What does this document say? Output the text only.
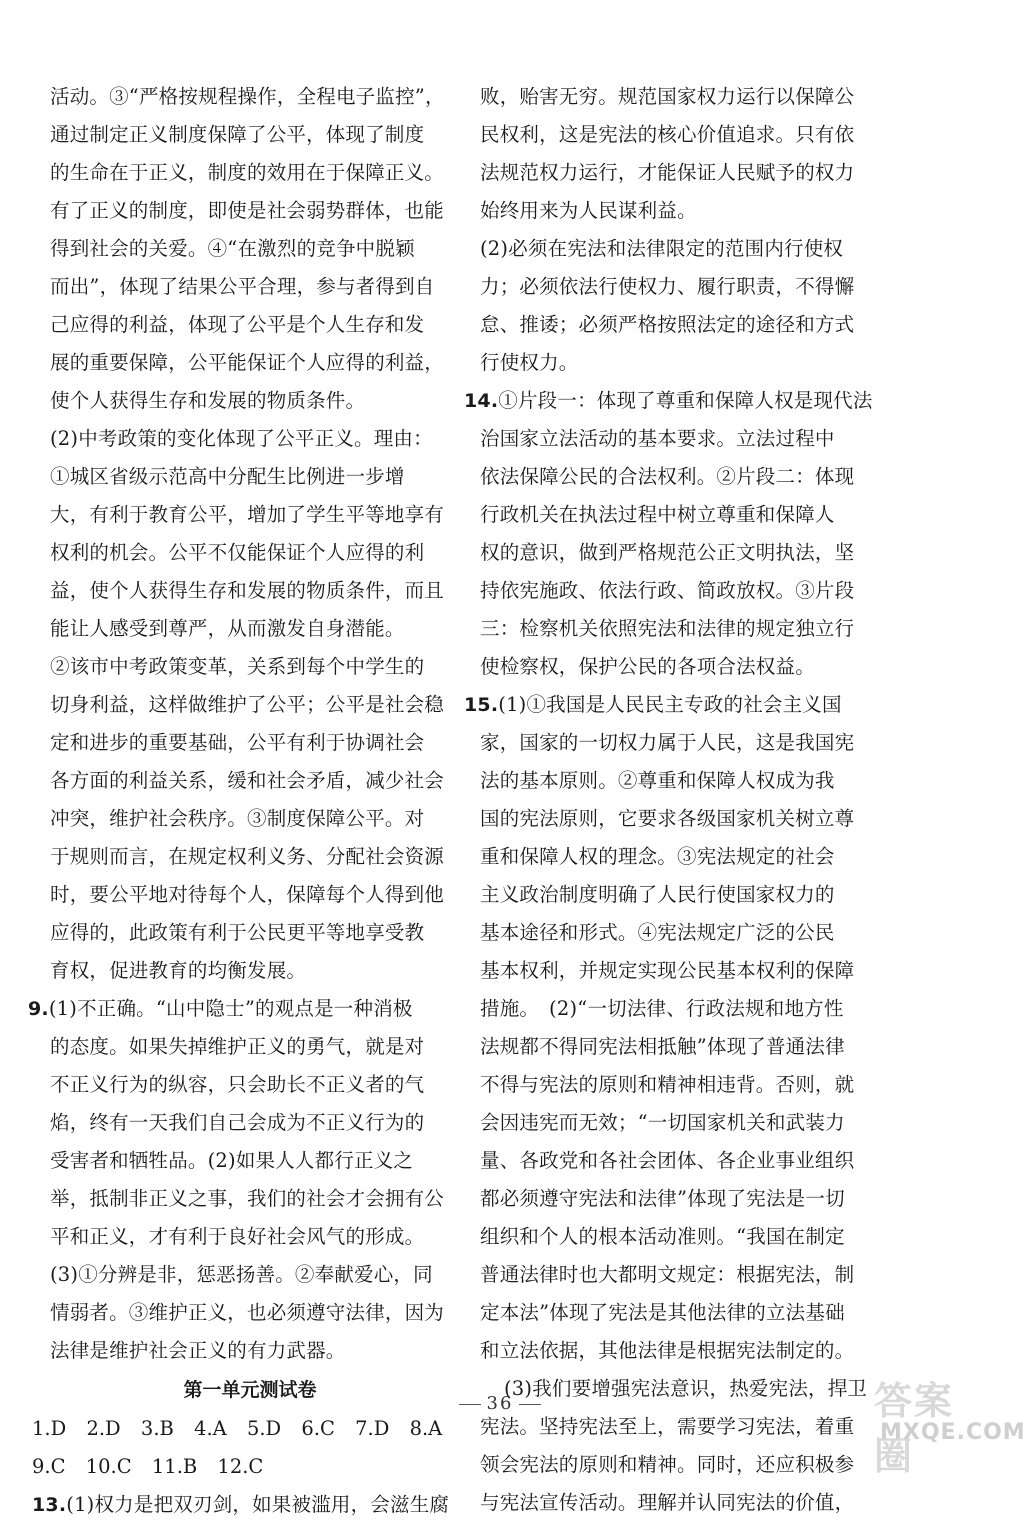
活动。③“严格按规程操作，全程电子监控”，
通过制定正义制度保障了公平，体现了制度
的生命在于正义，制度的效用在于保障正义。
有了正义的制度，即使是社会弱势群体，也能
得到社会的关爱。④“在激烈的竞争中脱颖
而出”，体现了结果公平合理，参与者得到自
己应得的利益，体现了公平是个人生存和发
展的重要保障，公平能保证个人应得的利益，
使个人获得生存和发展的物质条件。
(2)中考政策的变化体现了公平正义。理由：
①城区省级示范高中分配生比例进一步增
大，有利于教育公平，增加了学生平等地享有
权利的机会。公平不仅能保证个人应得的利
益，使个人获得生存和发展的物质条件，而且
能让人感受到尊严，从而激发自身潜能。
②该市中考政策变革，关系到每个中学生的
切身利益，这样做维护了公平；公平是社会稳
定和进步的重要基础，公平有利于协调社会
各方面的利益关系，缓和社会矛盾，减少社会
冲突，维护社会秩序。③制度保障公平。对
于规则而言，在规定权利义务、分配社会资源
时，要公平地对待每个人，保障每个人得到他
应得的，此政策有利于公民更平等地享受教
育权，促进教育的均衡发展。
9.(1)不正确。“山中隐士”的观点是一种消极
的态度。如果失掉维护正义的勇气，就是对
不正义行为的纵容，只会助长不正义者的气
焰，终有一天我们自己会成为不正义行为的
受害者和牺牲品。(2)如果人人都行正义之
举，抵制非正义之事，我们的社会才会拥有公
平和正义，才有利于良好社会风气的形成。
(3)①分辨是非，惩恶扬善。②奉献爱心，同
情弱者。③维护正义，也必须遵守法律，因为
法律是维护社会正义的有力武器。
第一单元测试卷
1.D 2.D 3.B 4.A 5.D 6.C 7.D 8.A
9.C 10.C 11.B 12.C
13.(1)权力是把双刃剑，如果被滥用，会滋生腐
败，贻害无穷。规范国家权力运行以保障公
民权利，这是宪法的核心价值追求。只有依
法规范权力运行，才能保证人民赋予的权力
始终用来为人民谋利益。
(2)必须在宪法和法律限定的范围内行使权
力；必须依法行使权力、履行职责，不得懈
怠、推诿；必须严格按照法定的途径和方式
行使权力。
14.①片段一：体现了尊重和保障人权是现代法
治国家立法活动的基本要求。立法过程中
依法保障公民的合法权利。②片段二：体现
行政机关在执法过程中树立尊重和保障人
权的意识，做到严格规范公正文明执法，坚
持依宪施政、依法行政、简政放权。③片段
三：检察机关依照宪法和法律的规定独立行
使检察权，保护公民的各项合法权益。
15.(1)①我国是人民民主专政的社会主义国
家，国家的一切权力属于人民，这是我国宪
法的基本原则。②尊重和保障人权成为我
国的宪法原则，它要求各级国家机关树立尊
重和保障人权的理念。③宪法规定的社会
主义政治制度明确了人民行使国家权力的
基本途径和形式。④宪法规定广泛的公民
基本权利，并规定实现公民基本权利的保障
措施。　(2)“一切法律、行政法规和地方性
法规都不得同宪法相抵触”体现了普通法律
不得与宪法的原则和精神相违背。否则，就
会因违宪而无效；“一切国家机关和武装力
量、各政党和各社会团体、各企业事业组织
都必须遵守宪法和法律”体现了宪法是一切
组织和个人的根本活动准则。“我国在制定
普通法律时也大都明文规定：根据宪法，制
定本法”体现了宪法是其他法律的立法基础
和立法依据，其他法律是根据宪法制定的。
(3)我们要增强宪法意识，热爱宪法，捍卫
宪法。坚持宪法至上，需要学习宪法，着重
领会宪法的原则和精神。同时，还应积极参
与宪法宣传活动。理解并认同宪法的价值，
36	答案圈
MXQE.COM
